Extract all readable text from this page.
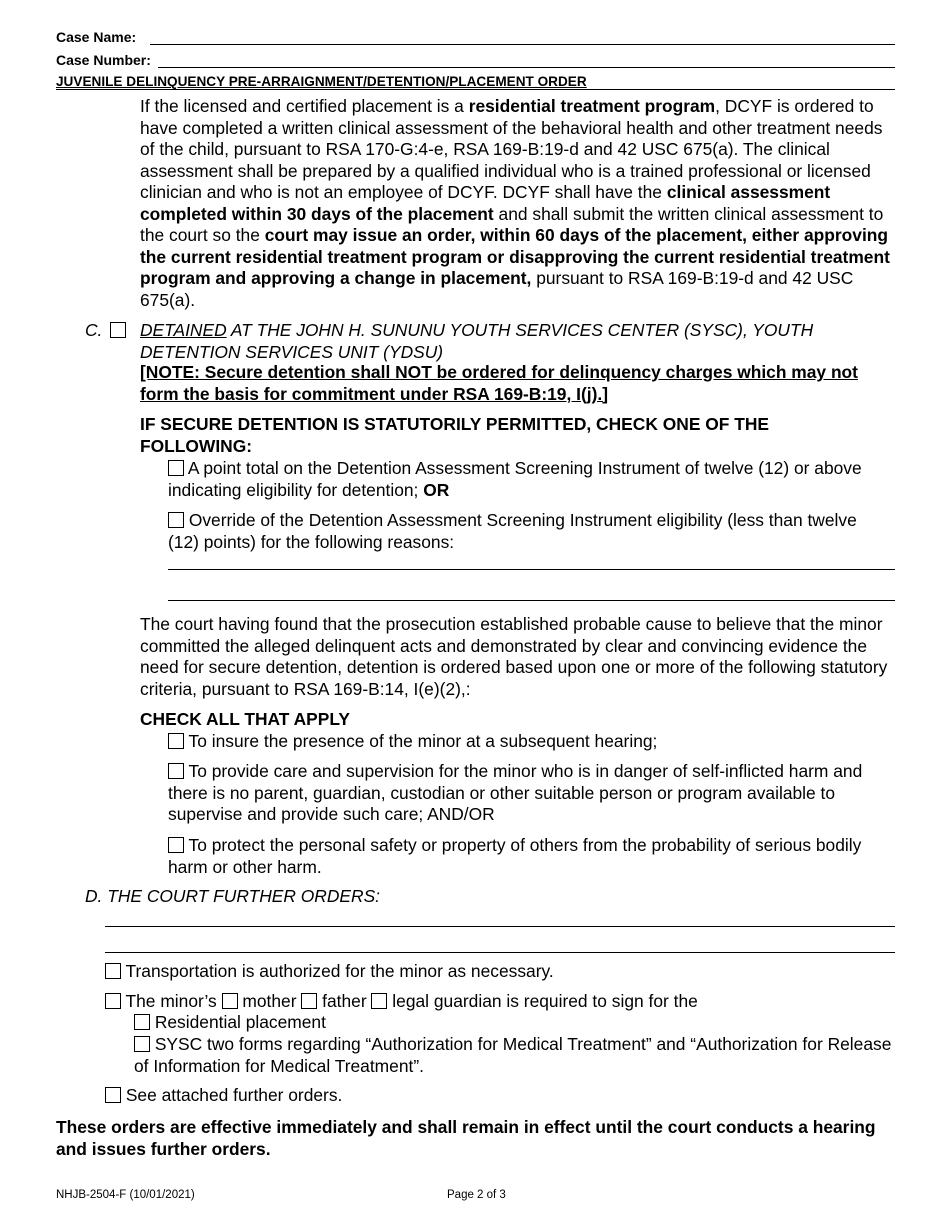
Case Name:
Case Number:
JUVENILE DELINQUENCY PRE-ARRAIGNMENT/DETENTION/PLACEMENT ORDER

If the licensed and certified placement is a residential treatment program, DCYF is ordered to have completed a written clinical assessment of the behavioral health and other treatment needs of the child, pursuant to RSA 170-G:4-e, RSA 169-B:19-d and 42 USC 675(a). The clinical assessment shall be prepared by a qualified individual who is a trained professional or licensed clinician and who is not an employee of DCYF. DCYF shall have the clinical assessment completed within 30 days of the placement and shall submit the written clinical assessment to the court so the court may issue an order, within 60 days of the placement, either approving the current residential treatment program or disapproving the current residential treatment program and approving a change in placement, pursuant to RSA 169-B:19-d and 42 USC 675(a).

C. DETAINED AT THE JOHN H. SUNUNU YOUTH SERVICES CENTER (SYSC), YOUTH DETENTION SERVICES UNIT (YDSU)

[NOTE: Secure detention shall NOT be ordered for delinquency charges which may not form the basis for commitment under RSA 169-B:19, I(j).]

IF SECURE DETENTION IS STATUTORILY PERMITTED, CHECK ONE OF THE FOLLOWING:

A point total on the Detention Assessment Screening Instrument of twelve (12) or above indicating eligibility for detention; OR

Override of the Detention Assessment Screening Instrument eligibility (less than twelve (12) points) for the following reasons:

The court having found that the prosecution established probable cause to believe that the minor committed the alleged delinquent acts and demonstrated by clear and convincing evidence the need for secure detention, detention is ordered based upon one or more of the following statutory criteria, pursuant to RSA 169-B:14, I(e)(2),:

CHECK ALL THAT APPLY

To insure the presence of the minor at a subsequent hearing;

To provide care and supervision for the minor who is in danger of self-inflicted harm and there is no parent, guardian, custodian or other suitable person or program available to supervise and provide such care; AND/OR

To protect the personal safety or property of others from the probability of serious bodily harm or other harm.

D. THE COURT FURTHER ORDERS:

Transportation is authorized for the minor as necessary.

The minor’s  mother  father  legal guardian is required to sign for the

Residential placement

SYSC two forms regarding “Authorization for Medical Treatment” and “Authorization for Release of Information for Medical Treatment”.

See attached further orders.

These orders are effective immediately and shall remain in effect until the court conducts a hearing and issues further orders.

NHJB-2504-F (10/01/2021)	Page 2 of 3
